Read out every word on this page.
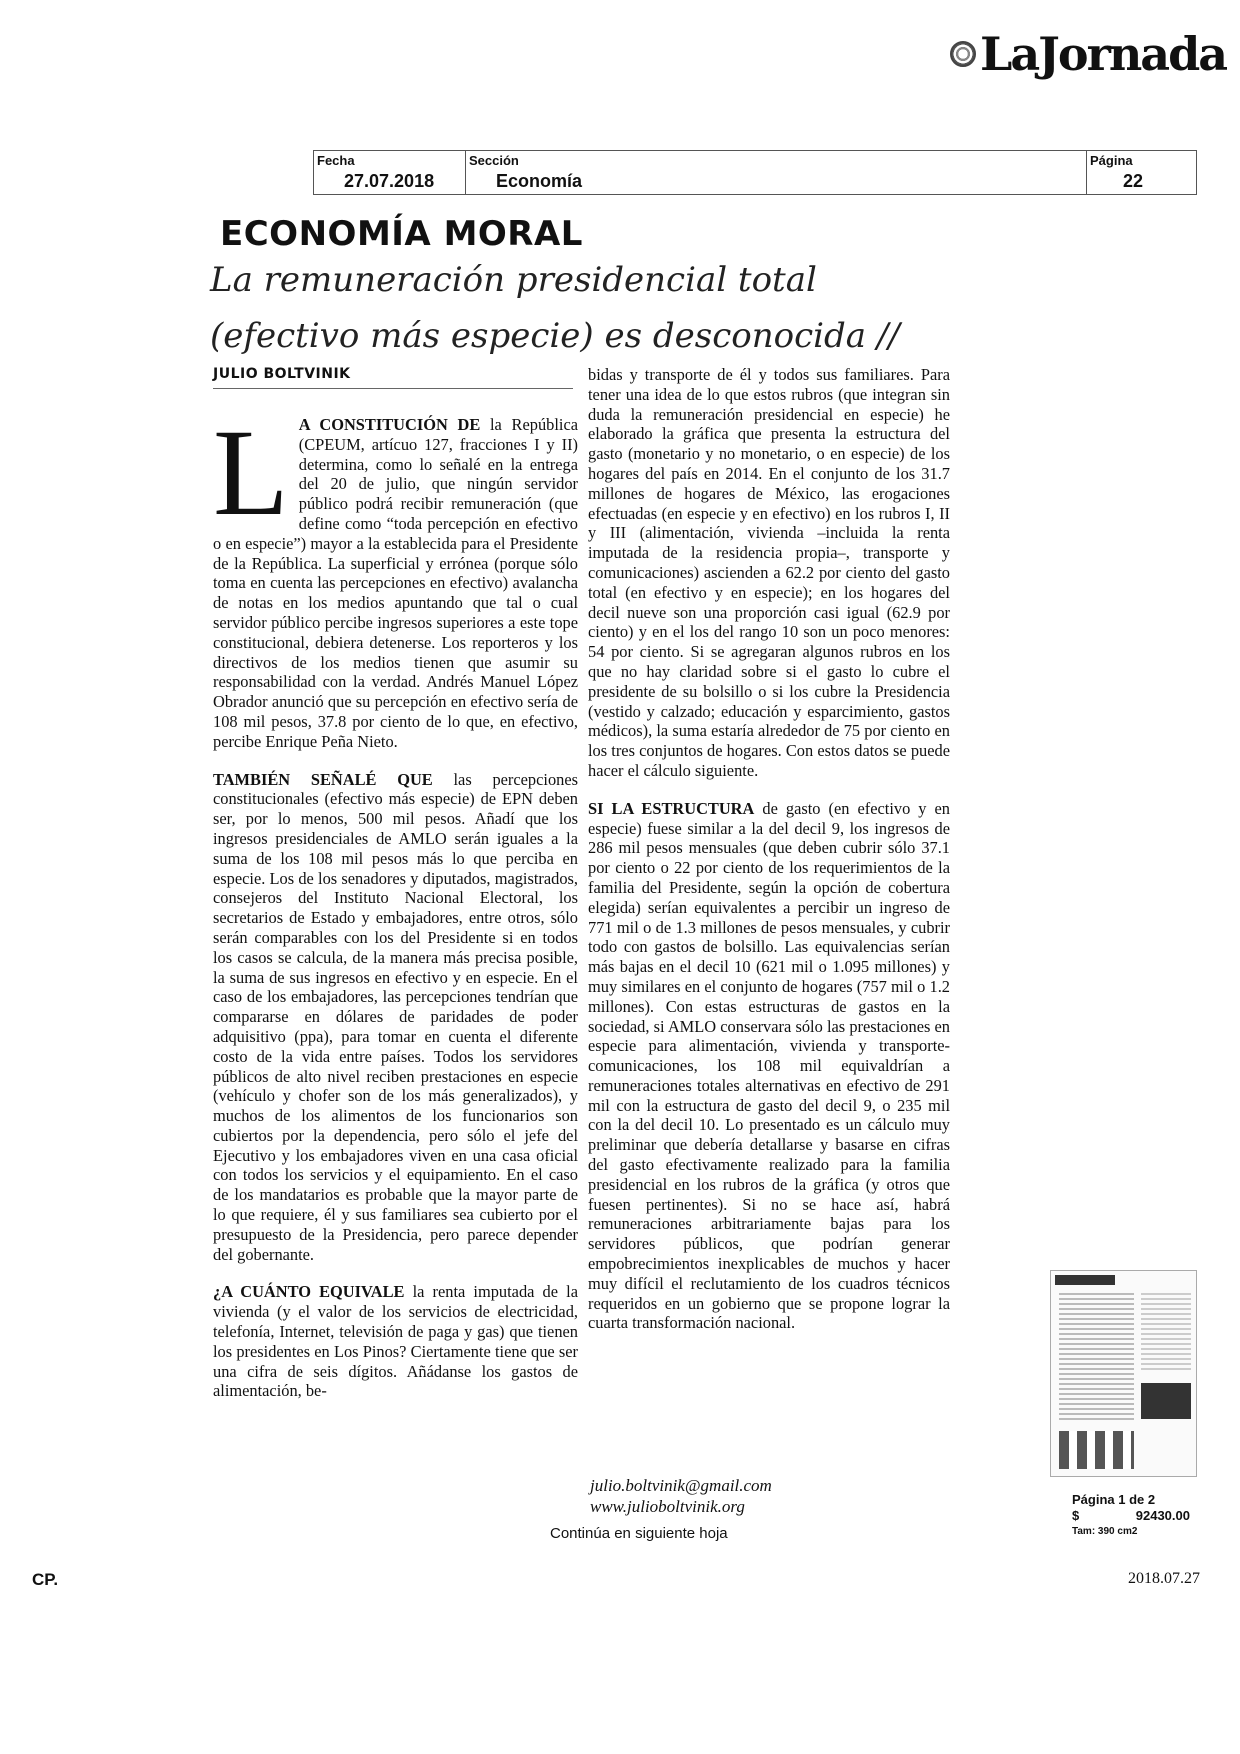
LaJornada
Fecha
27.07.2018
Sección
Economía
Página
22
ECONOMÍA MORAL
La remuneración presidencial total (efectivo más especie) es desconocida //
JULIO BOLTVINIK

L A CONSTITUCIÓN DE la República (CPEUM, artícuo 127, fracciones I y II) determina, como lo señalé en la entrega del 20 de julio, que ningún servidor público podrá recibir remuneración (que define como “toda percepción en efectivo o en especie”) mayor a la establecida para el Presidente de la República. La superficial y errónea (porque sólo toma en cuenta las percepciones en efectivo) avalancha de notas en los medios apuntando que tal o cual servidor público percibe ingresos superiores a este tope constitucional, debiera detenerse. Los reporteros y los directivos de los medios tienen que asumir su responsabilidad con la verdad. Andrés Manuel López Obrador anunció que su percepción en efectivo sería de 108 mil pesos, 37.8 por ciento de lo que, en efectivo, percibe Enrique Peña Nieto.

TAMBIÉN SEÑALÉ QUE las percepciones constitucionales (efectivo más especie) de EPN deben ser, por lo menos, 500 mil pesos. Añadí que los ingresos presidenciales de AMLO serán iguales a la suma de los 108 mil pesos más lo que perciba en especie. Los de los senadores y diputados, magistrados, consejeros del Instituto Nacional Electoral, los secretarios de Estado y embajadores, entre otros, sólo serán comparables con los del Presidente si en todos los casos se calcula, de la manera más precisa posible, la suma de sus ingresos en efectivo y en especie. En el caso de los embajadores, las percepciones tendrían que compararse en dólares de paridades de poder adquisitivo (ppa), para tomar en cuenta el diferente costo de la vida entre países. Todos los servidores públicos de alto nivel reciben prestaciones en especie (vehículo y chofer son de los más generalizados), y muchos de los alimentos de los funcionarios son cubiertos por la dependencia, pero sólo el jefe del Ejecutivo y los embajadores viven en una casa oficial con todos los servicios y el equipamiento. En el caso de los mandatarios es probable que la mayor parte de lo que requiere, él y sus familiares sea cubierto por el presupuesto de la Presidencia, pero parece depender del gobernante.

¿A CUÁNTO EQUIVALE la renta imputada de la vivienda (y el valor de los servicios de electricidad, telefonía, Internet, televisión de paga y gas) que tienen los presidentes en Los Pinos? Ciertamente tiene que ser una cifra de seis dígitos. Añádanse los gastos de alimentación, be-

bidas y transporte de él y todos sus familiares. Para tener una idea de lo que estos rubros (que integran sin duda la remuneración presidencial en especie) he elaborado la gráfica que presenta la estructura del gasto (monetario y no monetario, o en especie) de los hogares del país en 2014. En el conjunto de los 31.7 millones de hogares de México, las erogaciones efectuadas (en especie y en efectivo) en los rubros I, II y III (alimentación, vivienda –incluida la renta imputada de la residencia propia–, transporte y comunicaciones) ascienden a 62.2 por ciento del gasto total (en efectivo y en especie); en los hogares del decil nueve son una proporción casi igual (62.9 por ciento) y en el los del rango 10 son un poco menores: 54 por ciento. Si se agregaran algunos rubros en los que no hay claridad sobre si el gasto lo cubre el presidente de su bolsillo o si los cubre la Presidencia (vestido y calzado; educación y esparcimiento, gastos médicos), la suma estaría alrededor de 75 por ciento en los tres conjuntos de hogares. Con estos datos se puede hacer el cálculo siguiente.

SI LA ESTRUCTURA de gasto (en efectivo y en especie) fuese similar a la del decil 9, los ingresos de 286 mil pesos mensuales (que deben cubrir sólo 37.1 por ciento o 22 por ciento de los requerimientos de la familia del Presidente, según la opción de cobertura elegida) serían equivalentes a percibir un ingreso de 771 mil o de 1.3 millones de pesos mensuales, y cubrir todo con gastos de bolsillo. Las equivalencias serían más bajas en el decil 10 (621 mil o 1.095 millones) y muy similares en el conjunto de hogares (757 mil o 1.2 millones). Con estas estructuras de gastos en la sociedad, si AMLO conservara sólo las prestaciones en especie para alimentación, vivienda y transporte-comunicaciones, los 108 mil equivaldrían a remuneraciones totales alternativas en efectivo de 291 mil con la estructura de gasto del decil 9, o 235 mil con la del decil 10. Lo presentado es un cálculo muy preliminar que debería detallarse y basarse en cifras del gasto efectivamente realizado para la familia presidencial en los rubros de la gráfica (y otros que fuesen pertinentes). Si no se hace así, habrá remuneraciones arbitrariamente bajas para los servidores públicos, que podrían generar empobrecimientos inexplicables de muchos y hacer muy difícil el reclutamiento de los cuadros técnicos requeridos en un gobierno que se propone lograr la cuarta transformación nacional.

julio.boltvinik@gmail.com
www.julioboltvinik.org
Continúa en siguiente hoja
Página 1 de 2
$	92430.00
Tam: 390 cm2
CP.	2018.07.27
